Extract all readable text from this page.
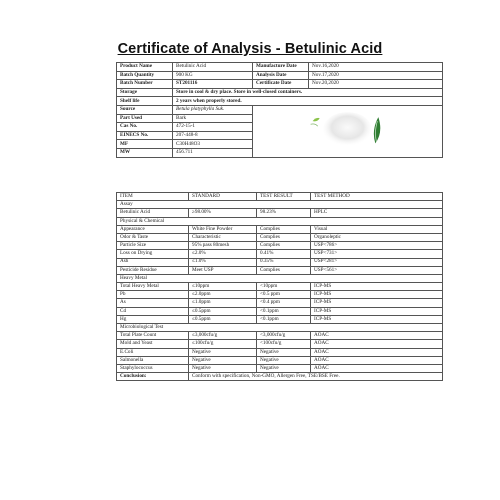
Certificate of Analysis - Betulinic Acid
Product Name	Betulinic Acid	Manufacture Date	Nov.16,2020
Batch Quantity	900 KG	Analysis Date	Nov.17,2020
Batch Number	ST201116	Certificate Date	Nov.20,2020
Storage	Store in cool & dry place. Store in well-closed containers.		
Shelf life	2 years when properly stored.		
Source	Betula platyphylla Suk.	

Part Used	Bark		
Cas No.	472-15-1		
EINECS No.	207-448-8		
MF	C30H48O3		
MW	456.711		
ITEM	STANDARD	TEST RESULT	TEST METHOD
Assay			
Betulinic Acid	≥98.00%	98.23%	HPLC
Physical & Chemical			
Appearance	White Fine Powder	Complies	Visual
Odor & Taste	Characteristic	Complies	Organoleptic
Particle Size	95% pass 80mesh	Complies	USP<786>
Loss on Drying	≤2.0%	0.41%	USP<731>
Ash	≤1.0%	0.35%	USP<281>
Pesticide Residue	Meet USP	Complies	USP<561>
Heavy Metal			
Total Heavy Metal	≤10ppm	<10ppm	ICP-MS
Pb	≤2.0ppm	<0.5 ppm	ICP-MS
As	≤1.0ppm	<0.4 ppm	ICP-MS
Cd	≤0.5ppm	<0.1ppm	ICP-MS
Hg	≤0.5ppm	<0.1ppm	ICP-MS
Microbiological Test			
Total Plate Count	≤3,000cfu/g	<3,000cfu/g	AOAC
Mold and Yeast	≤100cfu/g	<100cfu/g	AOAC
E.Coli	Negative	Negative	AOAC
Salmonella	Negative	Negative	AOAC
Staphylococcus	Negative	Negative	AOAC
Conclusion:	Conform with specification, Non-GMO, Allergen Free, TSE/BSE Free.		
